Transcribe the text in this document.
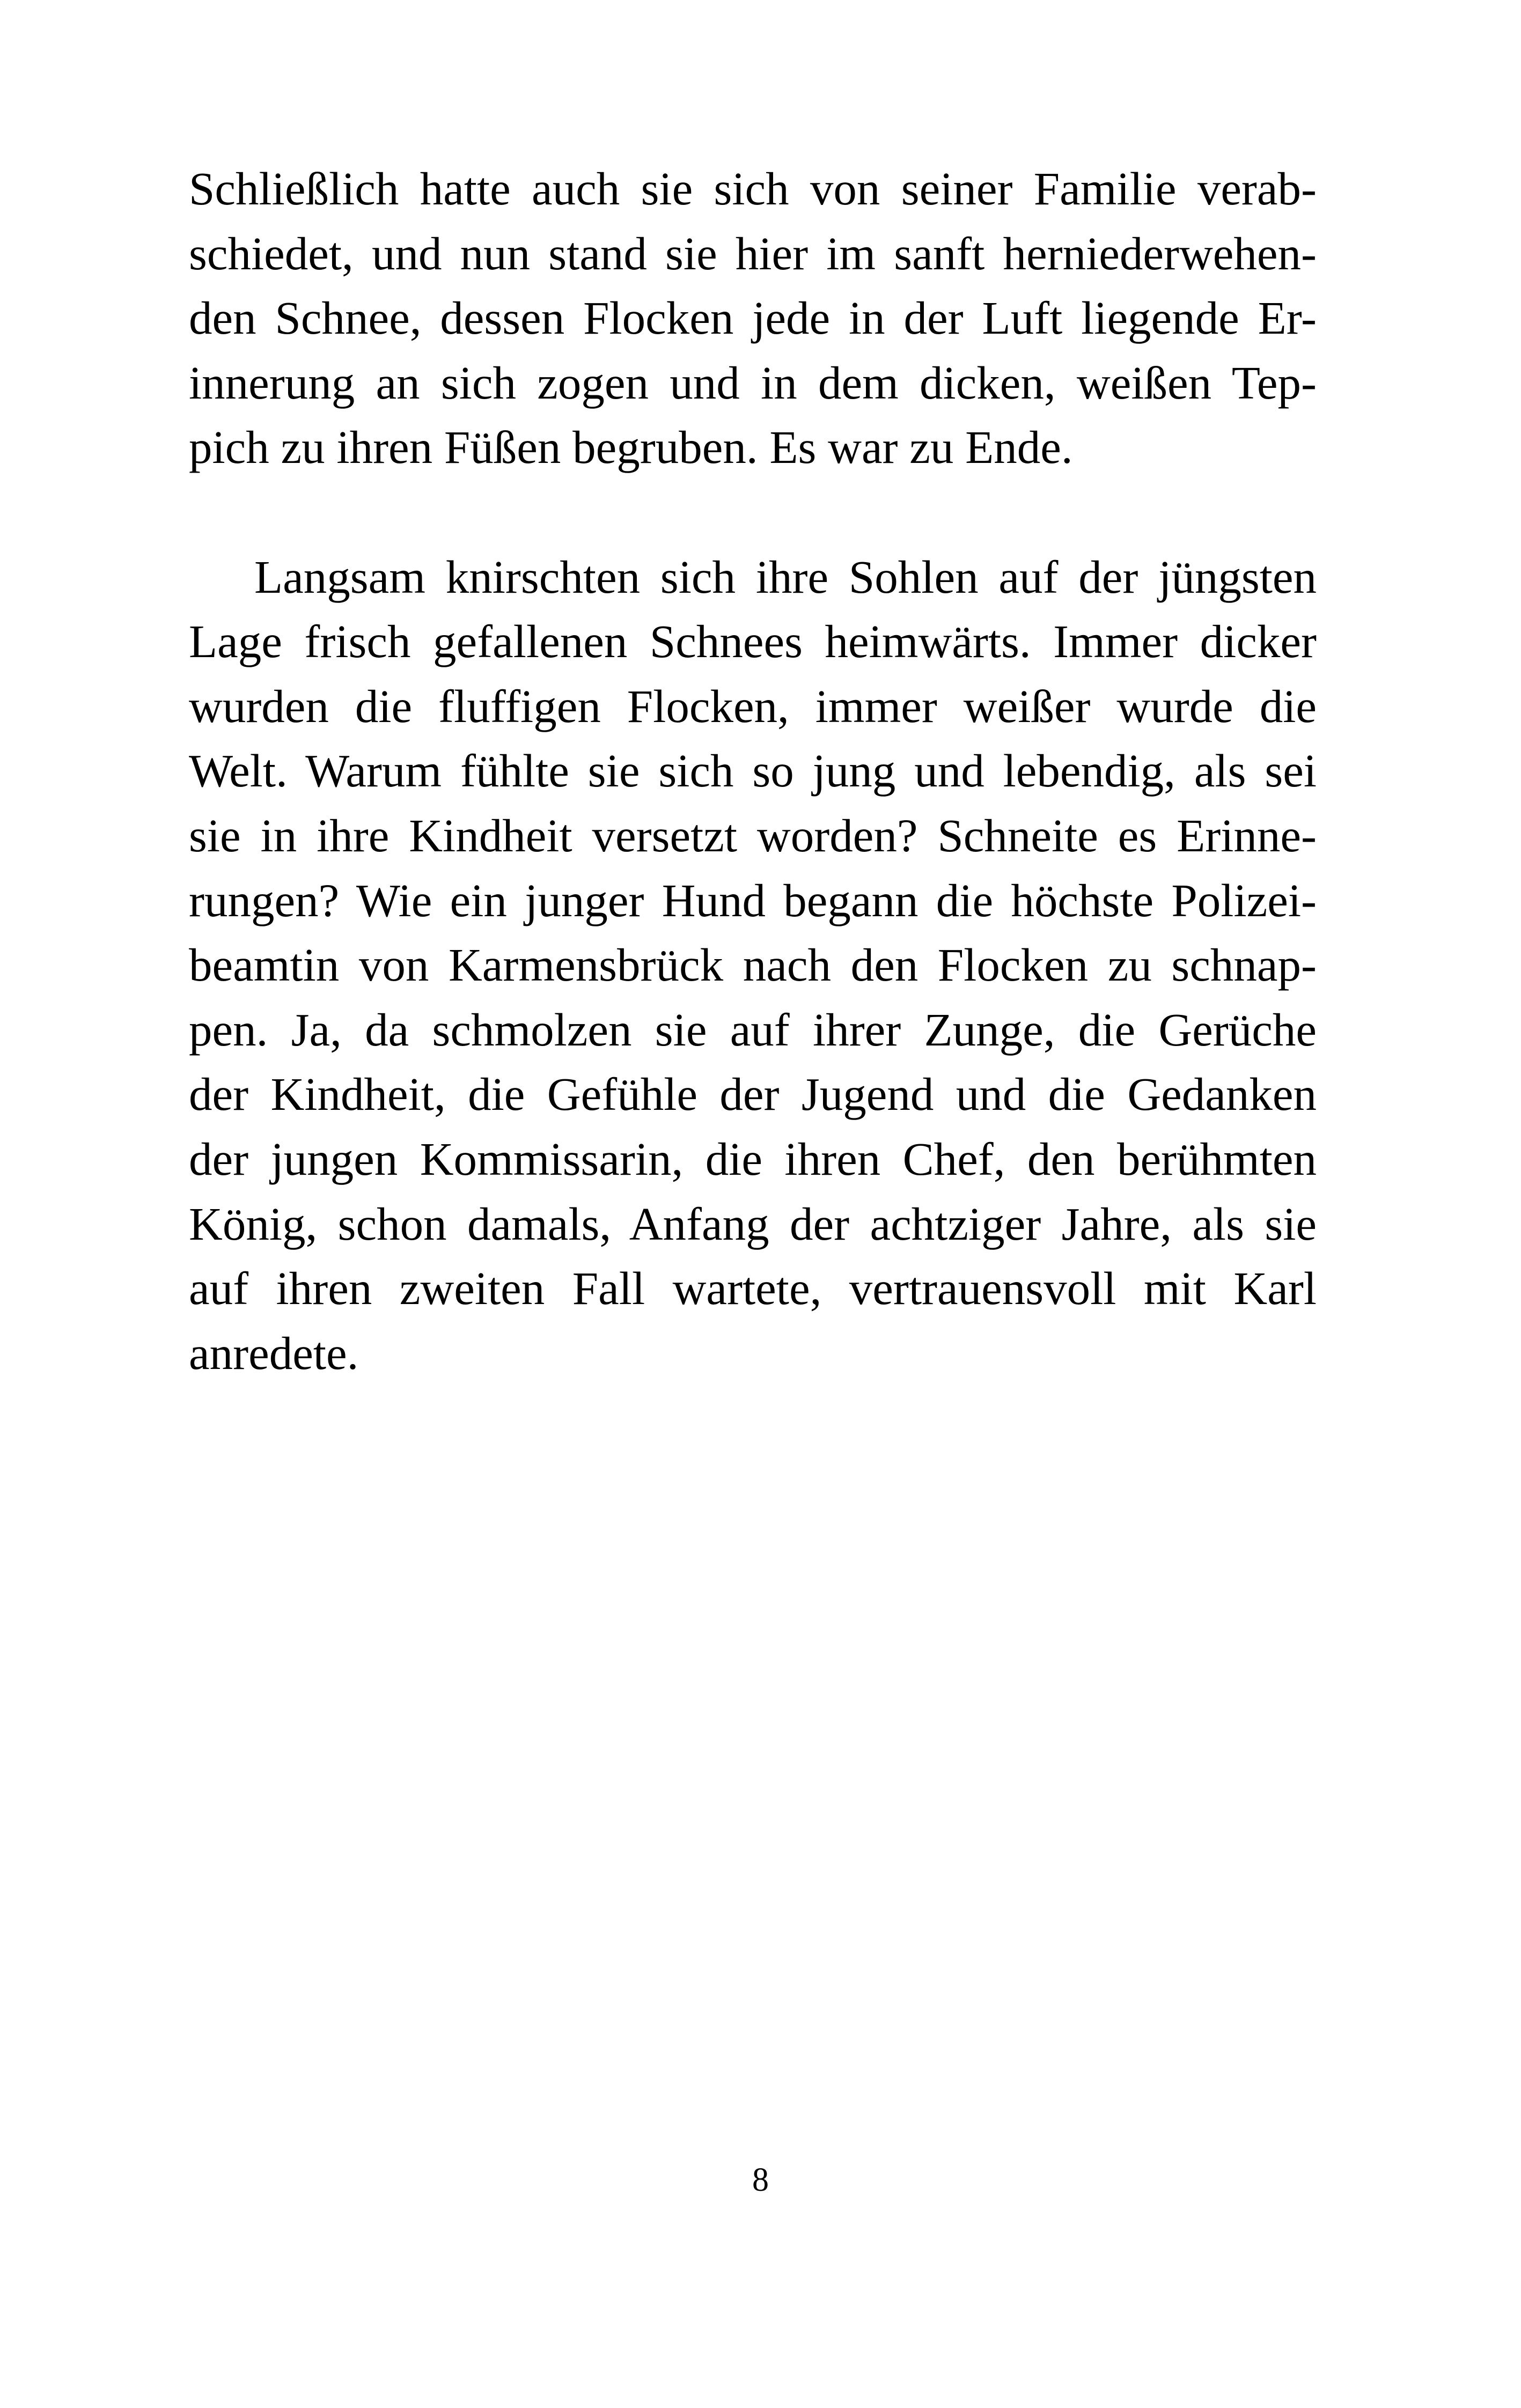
Schließlich hatte auch sie sich von seiner Familie verab-
schiedet, und nun stand sie hier im sanft herniederwehen-
den Schnee, dessen Flocken jede in der Luft liegende Er-
innerung an sich zogen und in dem dicken, weißen Tep-
pich zu ihren Füßen begruben. Es war zu Ende.
Langsam knirschten sich ihre Sohlen auf der jüngsten
Lage frisch gefallenen Schnees heimwärts. Immer dicker
wurden die fluffigen Flocken, immer weißer wurde die
Welt. Warum fühlte sie sich so jung und lebendig, als sei
sie in ihre Kindheit versetzt worden? Schneite es Erinne-
rungen? Wie ein junger Hund begann die höchste Polizei-
beamtin von Karmensbrück nach den Flocken zu schnap-
pen. Ja, da schmolzen sie auf ihrer Zunge, die Gerüche
der Kindheit, die Gefühle der Jugend und die Gedanken
der jungen Kommissarin, die ihren Chef, den berühmten
König, schon damals, Anfang der achtziger Jahre, als sie
auf ihren zweiten Fall wartete, vertrauensvoll mit Karl
anredete.
8
